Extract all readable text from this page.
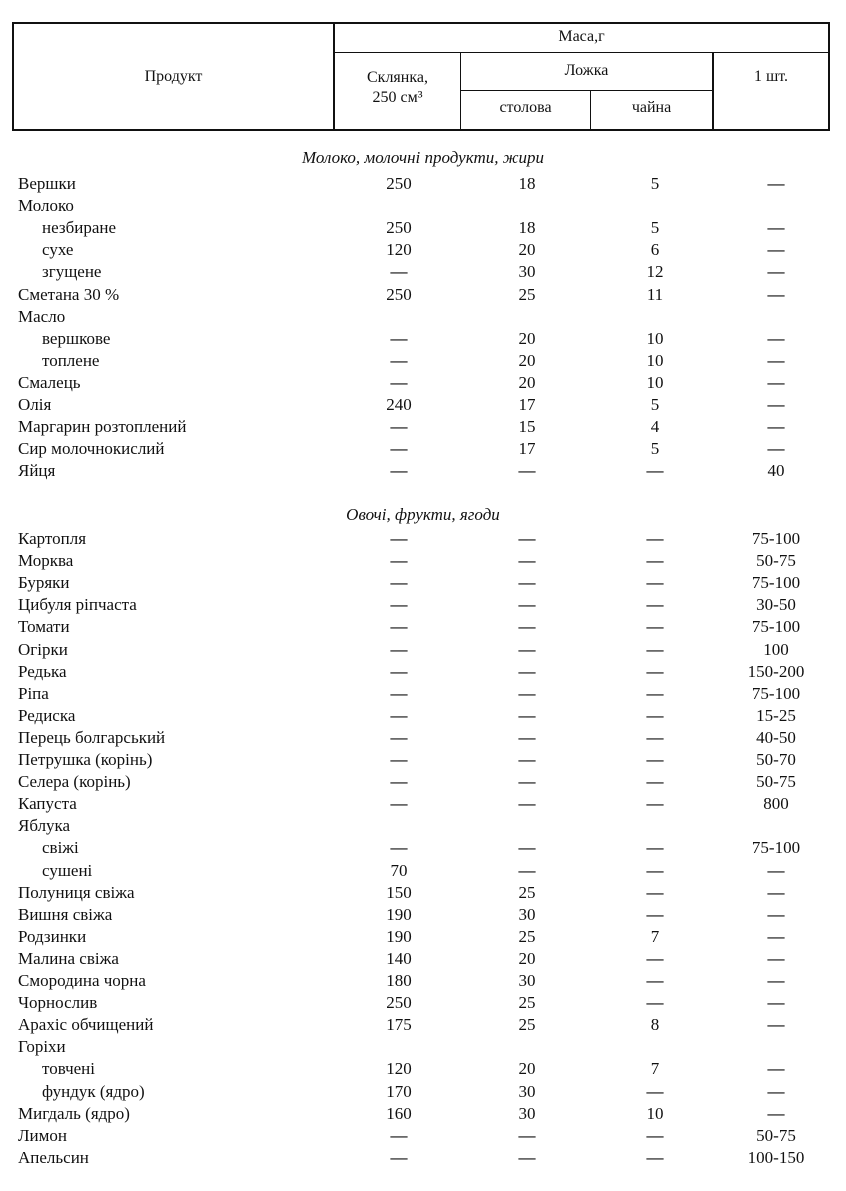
Продукт
Маса,г
Склянка,
250 см³
Ложка
столова	чайна
1 шт.
Молоко, молочні продукти, жири
Овочі, фрукти, ягоди
Вершки	250	18	5	—
Молоко
незбиране	250	18	5	—
сухе	120	20	6	—
згущене	—	30	12	—
Сметана 30 %	250	25	11	—
Масло
вершкове	—	20	10	—
топлене	—	20	10	—
Смалець	—	20	10	—
Олія	240	17	5	—
Маргарин розтоплений	—	15	4	—
Сир молочнокислий	—	17	5	—
Яйця	—	—	—	40
Картопля	—	—	—	75-100
Морква	—	—	—	50-75
Буряки	—	—	—	75-100
Цибуля ріпчаста	—	—	—	30-50
Томати	—	—	—	75-100
Огірки	—	—	—	100
Редька	—	—	—	150-200
Ріпа	—	—	—	75-100
Редиска	—	—	—	15-25
Перець болгарський	—	—	—	40-50
Петрушка (корінь)	—	—	—	50-70
Селера (корінь)	—	—	—	50-75
Капуста	—	—	—	800
Яблука
свіжі	—	—	—	75-100
сушені	70	—	—	—
Полуниця свіжа	150	25	—	—
Вишня свіжа	190	30	—	—
Родзинки	190	25	7	—
Малина свіжа	140	20	—	—
Смородина чорна	180	30	—	—
Чорнослив	250	25	—	—
Арахіс обчищений	175	25	8	—
Горіхи
товчені	120	20	7	—
фундук (ядро)	170	30	—	—
Мигдаль (ядро)	160	30	10	—
Лимон	—	—	—	50-75
Апельсин	—	—	—	100-150
